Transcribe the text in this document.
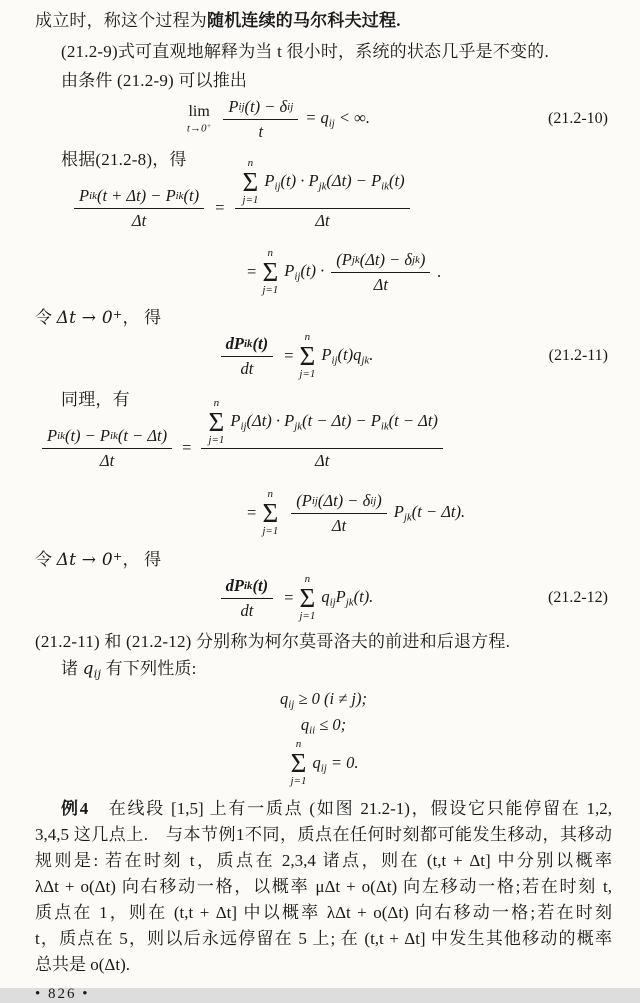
成立时，称这个过程为随机连续的马尔科夫过程.

(21.2-9)式可直观地解释为当 t 很小时，系统的状态几乎是不变的.

由条件 (21.2-9) 可以推出

lim
$t\to 0^+ \frac{\text{P ij (t) − δ ij}}{t} = q_{ij}$ < ∞.	(21.2-10)

根据(21.2-8)，得

$\frac{\text{P ik (t + Δt) − P ik (t)}}{\Delta t}$ =
n
Σ
j=1
$P_{ij}(t) \cdot P_{jk}(\Delta t) - P_{ik}(t)$
Δt
=
n
Σ
j=1
$P_{ij}(t) \cdot \frac{\text{(P jk (Δt) − δ jk )}}{\Delta t}$ .

令 Δt → 0+， 得

$\frac{\text{dP ik (t)}}{dt}$ =
n
Σ
j=1
$P_{ij}(t)q_{jk}$.	(21.2-11)

同理，有

$\frac{\text{P ik (t) − P ik (t − Δt)}}{\Delta t}$ =
n
Σ
j=1
$P_{ij}(\Delta t) \cdot P_{jk}(t - \Delta t) - P_{ik}(t - \Delta t)$
Δt
=
n
Σ
$j=1 \frac{\text{(P ij (Δt) − δ ij )}}{\Delta t} P_{jk}(t - \Delta t)$.

令 Δt → 0+， 得

$\frac{\text{dP ik (t)}}{dt}$ =
n
Σ
j=1
$q_{ij}P_{jk}(t)$.	(21.2-12)

(21.2-11) 和 (21.2-12) 分别称为柯尔莫哥洛夫的前进和后退方程.

诸 $q_{ij}$ 有下列性质:

$q_{ij} \ge 0$ (i ≠ j);
$q_{ii} \le 0$;
n
Σ
j=1
$q_{ij} = 0$.

例4　在线段 [1,5] 上有一质点 (如图 21.2-1)，假设它只能停留在 1,2,

3,4,5 这几点上.　与本节例1不同，质点在任何时刻都可能发生移动，其移动

规则是: 若在时刻 t，质点在 2,3,4 诸点，则在 (t,t + Δt] 中分别以概率

λΔt + o(Δt) 向右移动一格，以概率 μΔt + o(Δt) 向左移动一格;若在时刻 t,

质点在 1，则在 (t,t + Δt] 中以概率 λΔt + o(Δt) 向右移动一格;若在时刻

t，质点在 5，则以后永远停留在 5 上; 在 (t,t + Δt] 中发生其他移动的概率

总共是 o(Δt).

• 826 •
